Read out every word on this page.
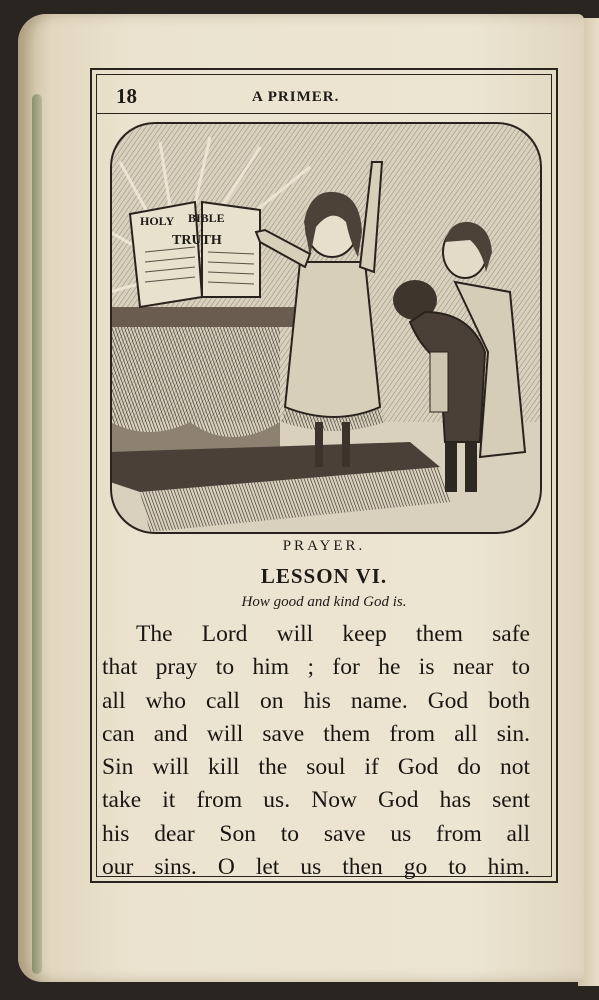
18	A PRIMER.
HOLY BIBLE
TRUTH
PRAYER.
LESSON VI.
How good and kind God is.
The Lord will keep them safe
that pray to him ; for he is near to
all who call on his name. God both
can and will save them from all sin.
Sin will kill the soul if God do not
take it from us. Now God has sent
his dear Son to save us from all
our sins. O let us then go to him.
